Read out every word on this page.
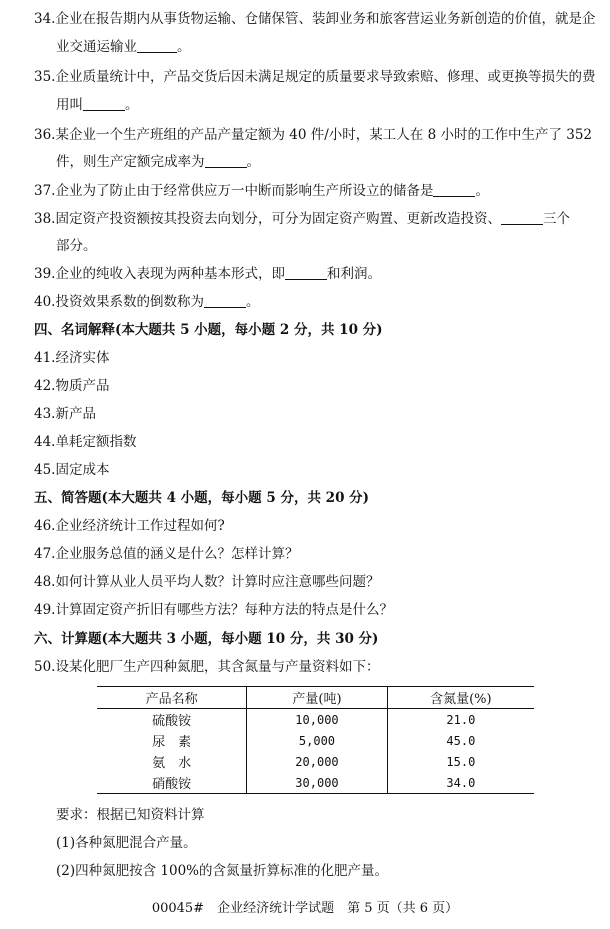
34.企业在报告期内从事货物运输、仓储保管、装卸业务和旅客营运业务新创造的价值，就是企
业交通运输业	。
35.企业质量统计中，产品交货后因未满足规定的质量要求导致索赔、修理、或更换等损失的费
用叫	。
36.某企业一个生产班组的产品产量定额为 40 件/小时，某工人在 8 小时的工作中生产了 352
件，则生产定额完成率为	。
37.企业为了防止由于经常供应万一中断而影响生产所设立的储备是	。
38.固定资产投资额按其投资去向划分，可分为固定资产购置、更新改造投资、	三个
部分。
39.企业的纯收入表现为两种基本形式，即	和利润。
40.投资效果系数的倒数称为	。
四、名词解释(本大题共 5 小题，每小题 2 分，共 10 分)
41.经济实体
42.物质产品
43.新产品
44.单耗定额指数
45.固定成本
五、简答题(本大题共 4 小题，每小题 5 分，共 20 分)
46.企业经济统计工作过程如何?
47.企业服务总值的涵义是什么？怎样计算？
48.如何计算从业人员平均人数？计算时应注意哪些问题？
49.计算固定资产折旧有哪些方法？每种方法的特点是什么？
六、计算题(本大题共 3 小题，每小题 10 分，共 30 分)
50.设某化肥厂生产四种氮肥，其含氮量与产量资料如下：
产品名称	产量(吨)	含氮量(%)
硫酸铵	10,000	21.0
尿　素	5,000	45.0
氨　水	20,000	15.0
硝酸铵	30,000	34.0
要求：根据已知资料计算
(1)各种氮肥混合产量。
(2)四种氮肥按含 100%的含氮量折算标准的化肥产量。
00045#　企业经济统计学试题　第 5 页（共 6 页）
